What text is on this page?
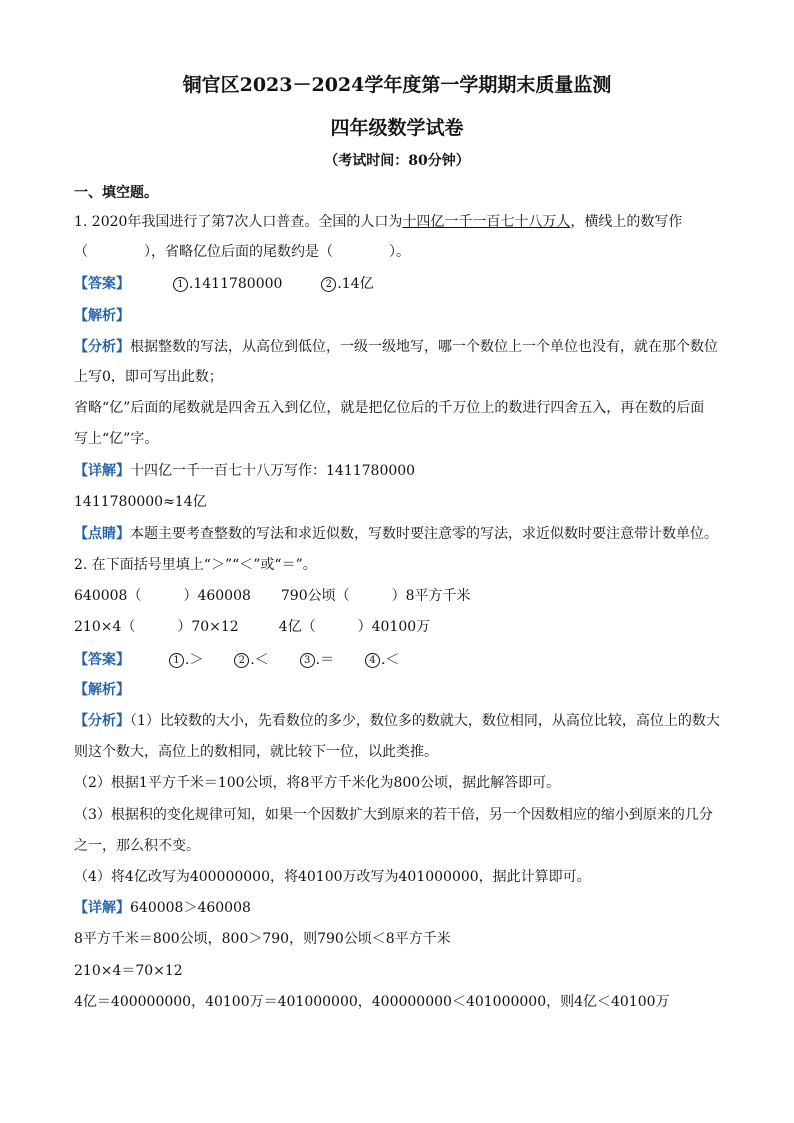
铜官区2023－2024学年度第一学期期末质量监测
四年级数学试卷
（考试时间：80分钟）
一、填空题。
1. 2020年我国进行了第7次人口普查。全国的人口为十四亿一千一百七十八万人，横线上的数写作
（　　　　），省略亿位后面的尾数约是（　　　　）。
【答案】	1 .1411780000	2 .14亿
【解析】
【分析】根据整数的写法，从高位到低位，一级一级地写，哪一个数位上一个单位也没有，就在那个数位
上写0，即可写出此数；
省略“亿”后面的尾数就是四舍五入到亿位，就是把亿位后的千万位上的数进行四舍五入，再在数的后面
写上“亿”字。
【详解】十四亿一千一百七十八万写作：1411780000
1411780000≈14亿
【点睛】本题主要考查整数的写法和求近似数，写数时要注意零的写法，求近似数时要注意带计数单位。
2. 在下面括号里填上“＞”“＜”或“＝”。
640008（　　　）460008 790公顷（　　　）8平方千米
210×4（　　　）70×12	4亿（　　　）40100万
【答案】	1 .＞	2 .＜	3 .＝	4 .＜
【解析】
【分析】（1）比较数的大小，先看数位的多少，数位多的数就大，数位相同，从高位比较，高位上的数大
则这个数大，高位上的数相同，就比较下一位，以此类推。
（2）根据1平方千米＝100公顷，将8平方千米化为800公顷，据此解答即可。
（3）根据积的变化规律可知，如果一个因数扩大到原来的若干倍，另一个因数相应的缩小到原来的几分
之一，那么积不变。
（4）将4亿改写为400000000，将40100万改写为401000000，据此计算即可。
【详解】640008＞460008
8平方千米＝800公顷，800＞790，则790公顷＜8平方千米
210×4＝70×12
4亿＝400000000，40100万＝401000000，400000000＜401000000，则4亿＜40100万
